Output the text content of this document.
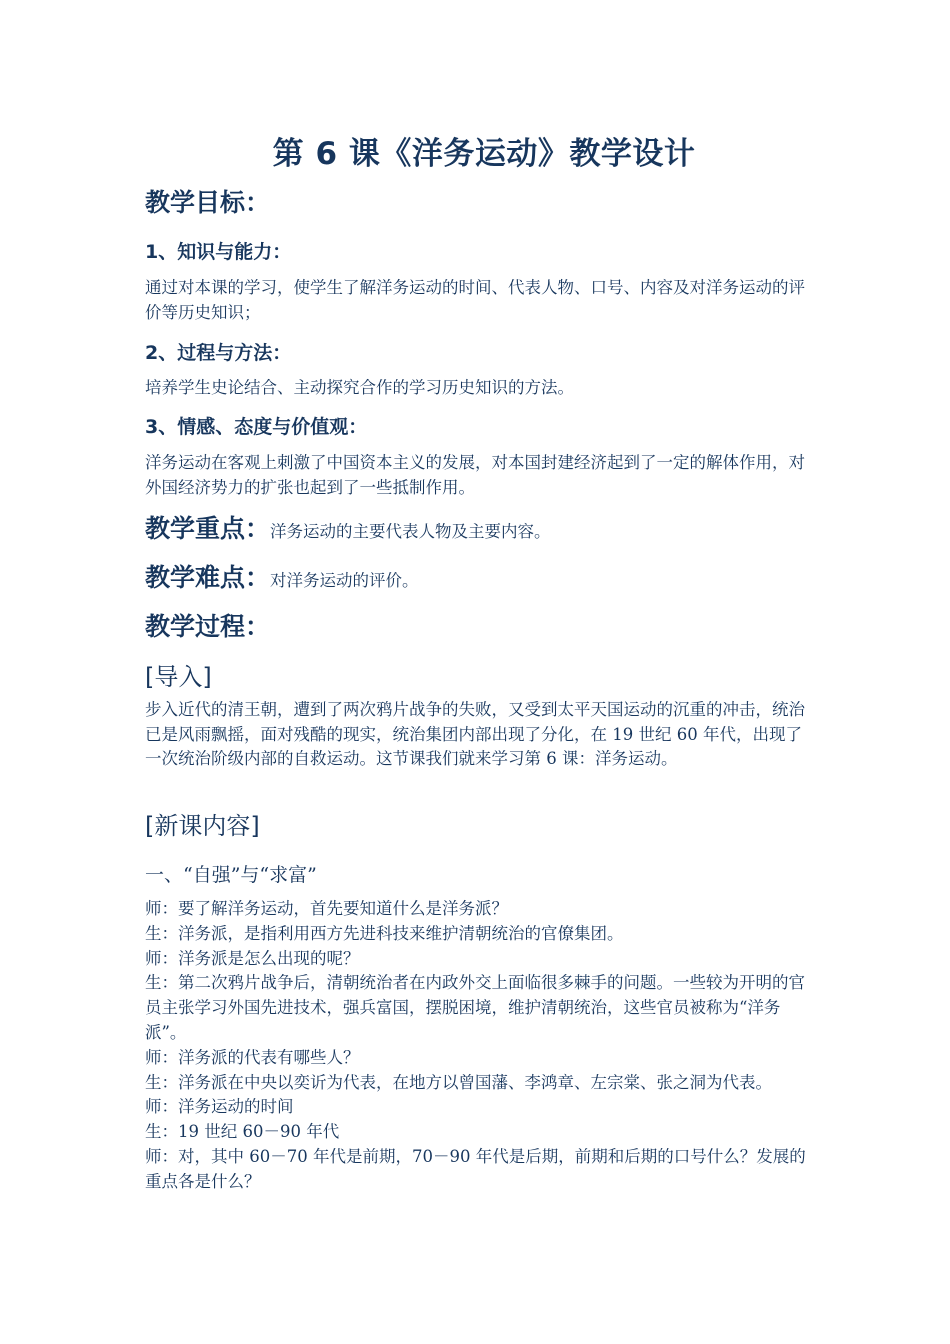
第 6 课《洋务运动》教学设计
教学目标：
1、知识与能力：
通过对本课的学习，使学生了解洋务运动的时间、代表人物、口号、内容及对洋务运动的评价等历史知识；
2、过程与方法：
培养学生史论结合、主动探究合作的学习历史知识的方法。
3、情感、态度与价值观：
洋务运动在客观上刺激了中国资本主义的发展，对本国封建经济起到了一定的解体作用，对外国经济势力的扩张也起到了一些抵制作用。
教学重点：洋务运动的主要代表人物及主要内容。
教学难点：对洋务运动的评价。
教学过程：
[导入]
步入近代的清王朝，遭到了两次鸦片战争的失败，又受到太平天国运动的沉重的冲击，统治已是风雨飘摇，面对残酷的现实，统治集团内部出现了分化，在 19 世纪 60 年代，出现了一次统治阶级内部的自救运动。这节课我们就来学习第 6 课：洋务运动。
[新课内容]
一、“自强”与“求富”
师：要了解洋务运动，首先要知道什么是洋务派？
生：洋务派，是指利用西方先进科技来维护清朝统治的官僚集团。
师：洋务派是怎么出现的呢？
生：第二次鸦片战争后，清朝统治者在内政外交上面临很多棘手的问题。一些较为开明的官员主张学习外国先进技术，强兵富国，摆脱困境，维护清朝统治，这些官员被称为“洋务派”。
师：洋务派的代表有哪些人？
生：洋务派在中央以奕䜣为代表，在地方以曾国藩、李鸿章、左宗棠、张之洞为代表。
师：洋务运动的时间
生：19 世纪 60－90 年代
师：对，其中 60－70 年代是前期，70－90 年代是后期，前期和后期的口号什么？发展的重点各是什么？
